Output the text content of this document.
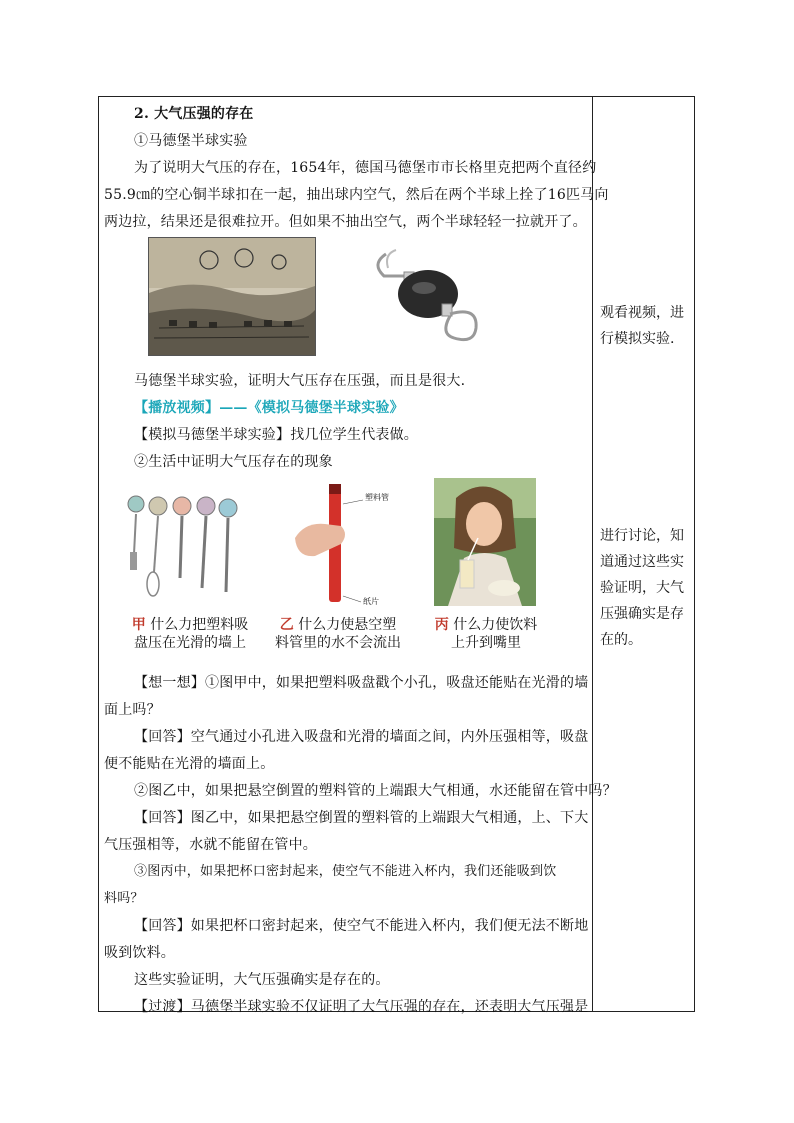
2. 大气压强的存在
①马德堡半球实验
为了说明大气压的存在，1654年，德国马德堡市市长格里克把两个直径约
55.9㎝的空心铜半球扣在一起，抽出球内空气，然后在两个半球上拴了16匹马向
两边拉，结果还是很难拉开。但如果不抽出空气，两个半球轻轻一拉就开了。
马德堡半球实验，证明大气压存在压强，而且是很大.
【播放视频】——《模拟马德堡半球实验》
【模拟马德堡半球实验】找几位学生代表做。
②生活中证明大气压存在的现象
塑料管
纸片
甲 什么力把塑料吸
盘压在光滑的墙上
乙 什么力使悬空塑
料管里的水不会流出
丙 什么力使饮料
上升到嘴里
【想一想】①图甲中，如果把塑料吸盘戳个小孔，吸盘还能贴在光滑的墙
面上吗？
【回答】空气通过小孔进入吸盘和光滑的墙面之间，内外压强相等，吸盘
便不能贴在光滑的墙面上。
②图乙中，如果把悬空倒置的塑料管的上端跟大气相通，水还能留在管中吗？
【回答】图乙中，如果把悬空倒置的塑料管的上端跟大气相通，上、下大
气压强相等，水就不能留在管中。
③图丙中，如果把杯口密封起来，使空气不能进入杯内，我们还能吸到饮
料吗？
【回答】如果把杯口密封起来，使空气不能进入杯内，我们便无法不断地
吸到饮料。
这些实验证明，大气压强确实是存在的。
【过渡】马德堡半球实验不仅证明了大气压强的存在，还表明大气压强是
观看视频，进行模拟实验.
进行讨论，知道通过这些实验证明，大气压强确实是存在的。
